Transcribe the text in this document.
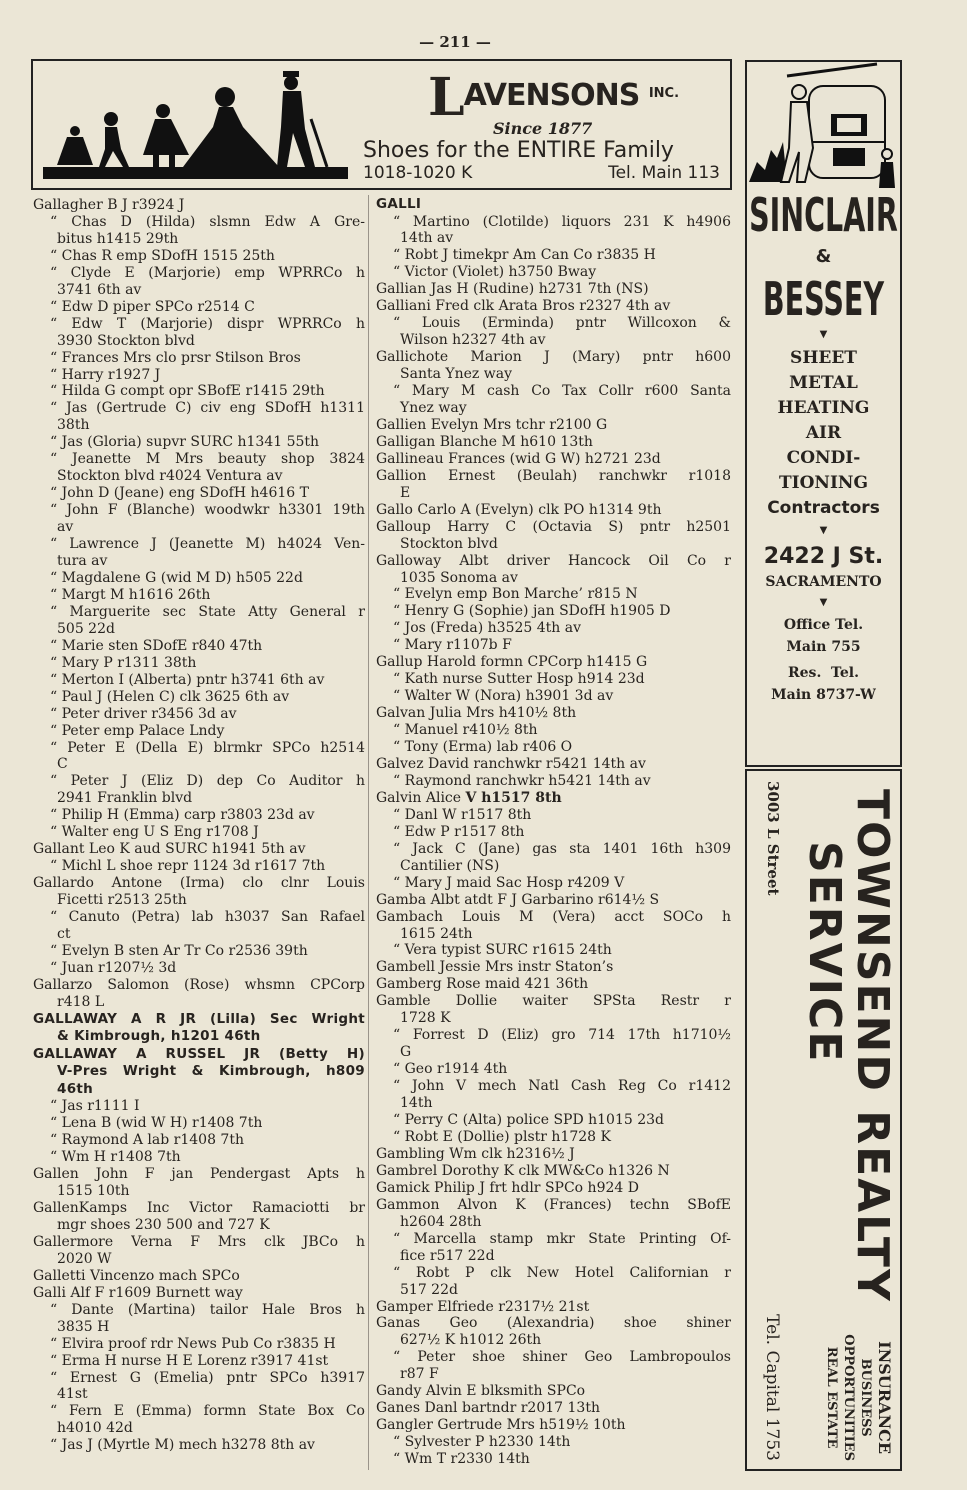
— 211 —
LAVENSONS $^{INC.}$
Since 1877
Shoes for the ENTIRE Family
1018-1020 K	Tel. Main 113
Gallagher B J r3924 J
“ Chas D (Hilda) slsmn Edw A Gre-
bitus h1415 29th
“ Chas R emp SDofH 1515 25th
“ Clyde E (Marjorie) emp WPRRCo h
3741 6th av
“ Edw D piper SPCo r2514 C
“ Edw T (Marjorie) dispr WPRRCo h
3930 Stockton blvd
“ Frances Mrs clo prsr Stilson Bros
“ Harry r1927 J
“ Hilda G compt opr SBofE r1415 29th
“ Jas (Gertrude C) civ eng SDofH h1311
38th
“ Jas (Gloria) supvr SURC h1341 55th
“ Jeanette M Mrs beauty shop 3824
Stockton blvd r4024 Ventura av
“ John D (Jeane) eng SDofH h4616 T
“ John F (Blanche) woodwkr h3301 19th
av
“ Lawrence J (Jeanette M) h4024 Ven-
tura av
“ Magdalene G (wid M D) h505 22d
“ Margt M h1616 26th
“ Marguerite sec State Atty General r
505 22d
“ Marie sten SDofE r840 47th
“ Mary P r1311 38th
“ Merton I (Alberta) pntr h3741 6th av
“ Paul J (Helen C) clk 3625 6th av
“ Peter driver r3456 3d av
“ Peter emp Palace Lndy
“ Peter E (Della E) blrmkr SPCo h2514
C
“ Peter J (Eliz D) dep Co Auditor h
2941 Franklin blvd
“ Philip H (Emma) carp r3803 23d av
“ Walter eng U S Eng r1708 J
Gallant Leo K aud SURC h1941 5th av
“ Michl L shoe repr 1124 3d r1617 7th
Gallardo Antone (Irma) clo clnr Louis
Ficetti r2513 25th
“ Canuto (Petra) lab h3037 San Rafael
ct
“ Evelyn B sten Ar Tr Co r2536 39th
“ Juan r1207½ 3d
Gallarzo Salomon (Rose) whsmn CPCorp
r418 L
GALLAWAY A R JR (Lilla) Sec Wright
& Kimbrough, h1201 46th
GALLAWAY A RUSSEL JR (Betty H)
V-Pres Wright & Kimbrough, h809
46th
“ Jas r1111 I
“ Lena B (wid W H) r1408 7th
“ Raymond A lab r1408 7th
“ Wm H r1408 7th
Gallen John F jan Pendergast Apts h
1515 10th
GallenKamps Inc Victor Ramaciotti br
mgr shoes 230 500 and 727 K
Gallermore Verna F Mrs clk JBCo h
2020 W
Galletti Vincenzo mach SPCo
Galli Alf F r1609 Burnett way
“ Dante (Martina) tailor Hale Bros h
3835 H
“ Elvira proof rdr News Pub Co r3835 H
“ Erma H nurse H E Lorenz r3917 41st
“ Ernest G (Emelia) pntr SPCo h3917
41st
“ Fern E (Emma) formn State Box Co
h4010 42d
“ Jas J (Myrtle M) mech h3278 8th av
GALLI
“ Martino (Clotilde) liquors 231 K h4906
14th av
“ Robt J timekpr Am Can Co r3835 H
“ Victor (Violet) h3750 Bway
Gallian Jas H (Rudine) h2731 7th (NS)
Galliani Fred clk Arata Bros r2327 4th av
“ Louis (Erminda) pntr Willcoxon &
Wilson h2327 4th av
Gallichote Marion J (Mary) pntr h600
Santa Ynez way
“ Mary M cash Co Tax Collr r600 Santa
Ynez way
Gallien Evelyn Mrs tchr r2100 G
Galligan Blanche M h610 13th
Gallineau Frances (wid G W) h2721 23d
Gallion Ernest (Beulah) ranchwkr r1018
E
Gallo Carlo A (Evelyn) clk PO h1314 9th
Galloup Harry C (Octavia S) pntr h2501
Stockton blvd
Galloway Albt driver Hancock Oil Co r
1035 Sonoma av
“ Evelyn emp Bon Marche’ r815 N
“ Henry G (Sophie) jan SDofH h1905 D
“ Jos (Freda) h3525 4th av
“ Mary r1107b F
Gallup Harold formn CPCorp h1415 G
“ Kath nurse Sutter Hosp h914 23d
“ Walter W (Nora) h3901 3d av
Galvan Julia Mrs h410½ 8th
“ Manuel r410½ 8th
“ Tony (Erma) lab r406 O
Galvez David ranchwkr r5421 14th av
“ Raymond ranchwkr h5421 14th av
Galvin Alice V h1517 8th
“ Danl W r1517 8th
“ Edw P r1517 8th
“ Jack C (Jane) gas sta 1401 16th h309
Cantilier (NS)
“ Mary J maid Sac Hosp r4209 V
Gamba Albt atdt F J Garbarino r614½ S
Gambach Louis M (Vera) acct SOCo h
1615 24th
“ Vera typist SURC r1615 24th
Gambell Jessie Mrs instr Staton’s
Gamberg Rose maid 421 36th
Gamble Dollie waiter SPSta Restr r
1728 K
“ Forrest D (Eliz) gro 714 17th h1710½
G
“ Geo r1914 4th
“ John V mech Natl Cash Reg Co r1412
14th
“ Perry C (Alta) police SPD h1015 23d
“ Robt E (Dollie) plstr h1728 K
Gambling Wm clk h2316½ J
Gambrel Dorothy K clk MW&Co h1326 N
Gamick Philip J frt hdlr SPCo h924 D
Gammon Alvon K (Frances) techn SBofE
h2604 28th
“ Marcella stamp mkr State Printing Of-
fice r517 22d
“ Robt P clk New Hotel Californian r
517 22d
Gamper Elfriede r2317½ 21st
Ganas Geo (Alexandria) shoe shiner
627½ K h1012 26th
“ Peter shoe shiner Geo Lambropoulos
r87 F
Gandy Alvin E blksmith SPCo
Ganes Danl bartndr r2017 13th
Gangler Gertrude Mrs h519½ 10th
“ Sylvester P h2330 14th
“ Wm T r2330 14th
SINCLAIR
&
BESSEY
▼
SHEET
METAL
HEATING
AIR
CONDI-
TIONING
Contractors
▼
2422 J St.
SACRAMENTO
▼
Office Tel.
Main 755
Res.  Tel.
Main 8737-W
TOWNSEND REALTY
SERVICE
3003 L Street
INSURANCE
BUSINESS
OPPORTUNITIES
REAL ESTATE
Tel. Capital 1753
